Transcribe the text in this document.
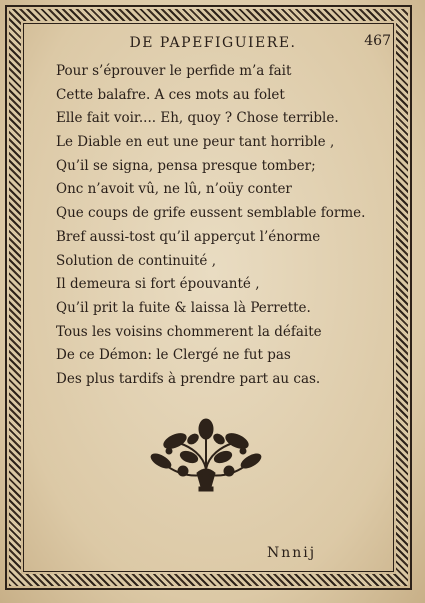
DE PAPEFIGUIERE.	467
Pour s’éprouver le perfide m’a fait
Cette balafre. A ces mots au folet
Elle fait voir.... Eh, quoy ? Chose terrible.
Le Diable en eut une peur tant horrible ,
Qu’il se signa, pensa presque tomber;
Onc n’avoit vû, ne lû, n’oüy conter
Que coups de grife eussent semblable forme.
Bref aussi-tost qu’il apperçut l’énorme
Solution de continuité ,
Il demeura si fort épouvanté ,
Qu’il prit la fuite & laissa là Perrette.
Tous les voisins chommerent la défaite
De ce Démon: le Clergé ne fut pas
Des plus tardifs à prendre part au cas.
Nnnij
